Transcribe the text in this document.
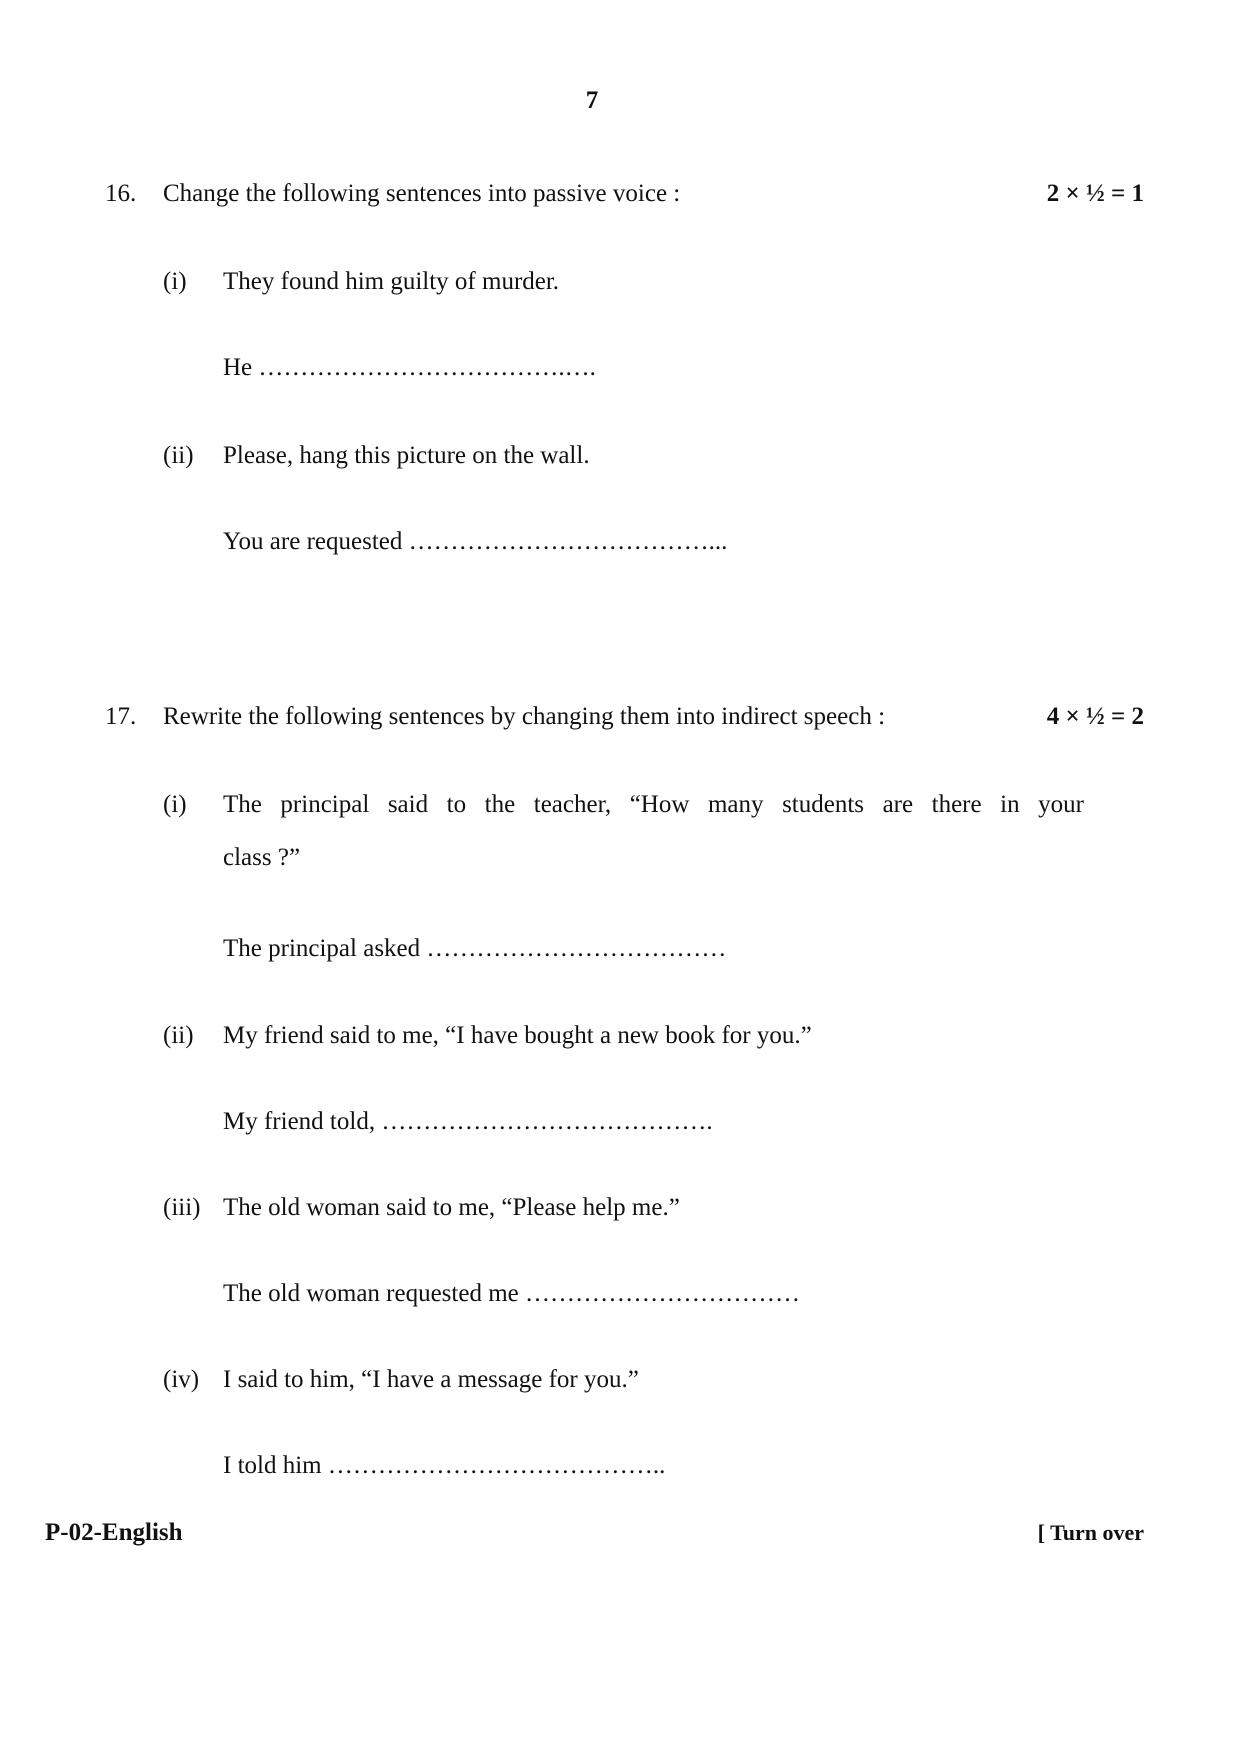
7
16. Change the following sentences into passive voice :	2 × ½ = 1
(i) They found him guilty of murder.
He ……………………………….….
(ii) Please, hang this picture on the wall.
You are requested ………………………………...
17. Rewrite the following sentences by changing them into indirect speech :	4 × ½ = 2
(i) The principal said to the teacher, “How many students are there in your
class ?”
The principal asked ………………………………
(ii) My friend said to me, “I have bought a new book for you.”
My friend told, ………………………………….
(iii) The old woman said to me, “Please help me.”
The old woman requested me ……………………………
(iv) I said to him, “I have a message for you.”
I told him …………………………………..
P-02-English	[ Turn over
